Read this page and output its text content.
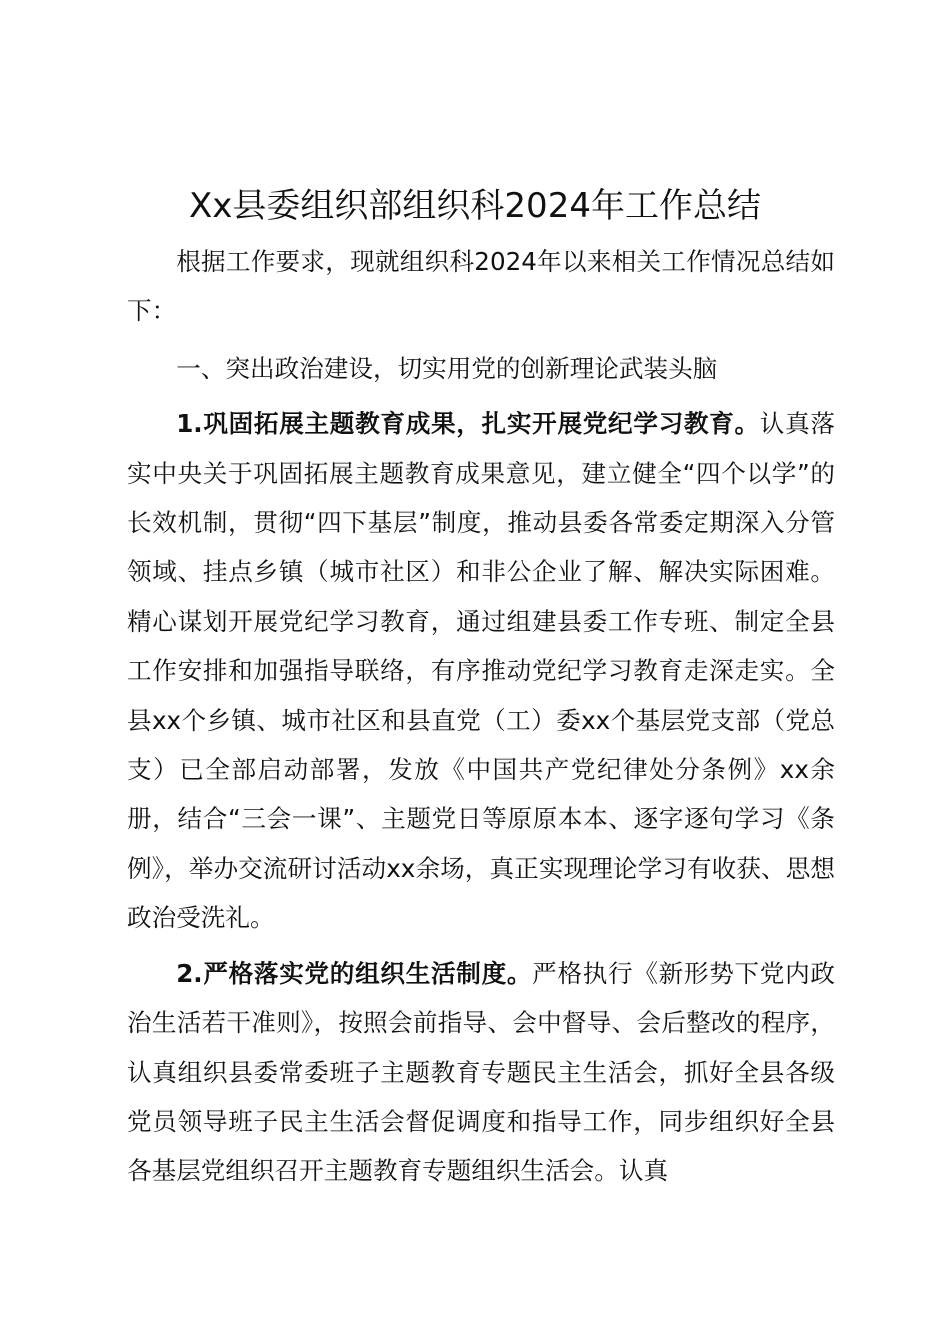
Xx县委组织部组织科2024年工作总结

根据工作要求，现就组织科2024年以来相关工作情况总结如下：

一、突出政治建设，切实用党的创新理论武装头脑

1.巩固拓展主题教育成果，扎实开展党纪学习教育。认真落实中央关于巩固拓展主题教育成果意见，建立健全“四个以学”的长效机制，贯彻“四下基层”制度，推动县委各常委定期深入分管领域、挂点乡镇（城市社区）和非公企业了解、解决实际困难。精心谋划开展党纪学习教育，通过组建县委工作专班、制定全县工作安排和加强指导联络，有序推动党纪学习教育走深走实。全县xx个乡镇、城市社区和县直党（工）委xx个基层党支部（党总支）已全部启动部署，发放《中国共产党纪律处分条例》xx余册，结合“三会一课”、主题党日等原原本本、逐字逐句学习《条例》，举办交流研讨活动xx余场，真正实现理论学习有收获、思想政治受洗礼。

2.严格落实党的组织生活制度。严格执行《新形势下党内政治生活若干准则》，按照会前指导、会中督导、会后整改的程序，认真组织县委常委班子主题教育专题民主生活会，抓好全县各级党员领导班子民主生活会督促调度和指导工作，同步组织好全县各基层党组织召开主题教育专题组织生活会。认真
